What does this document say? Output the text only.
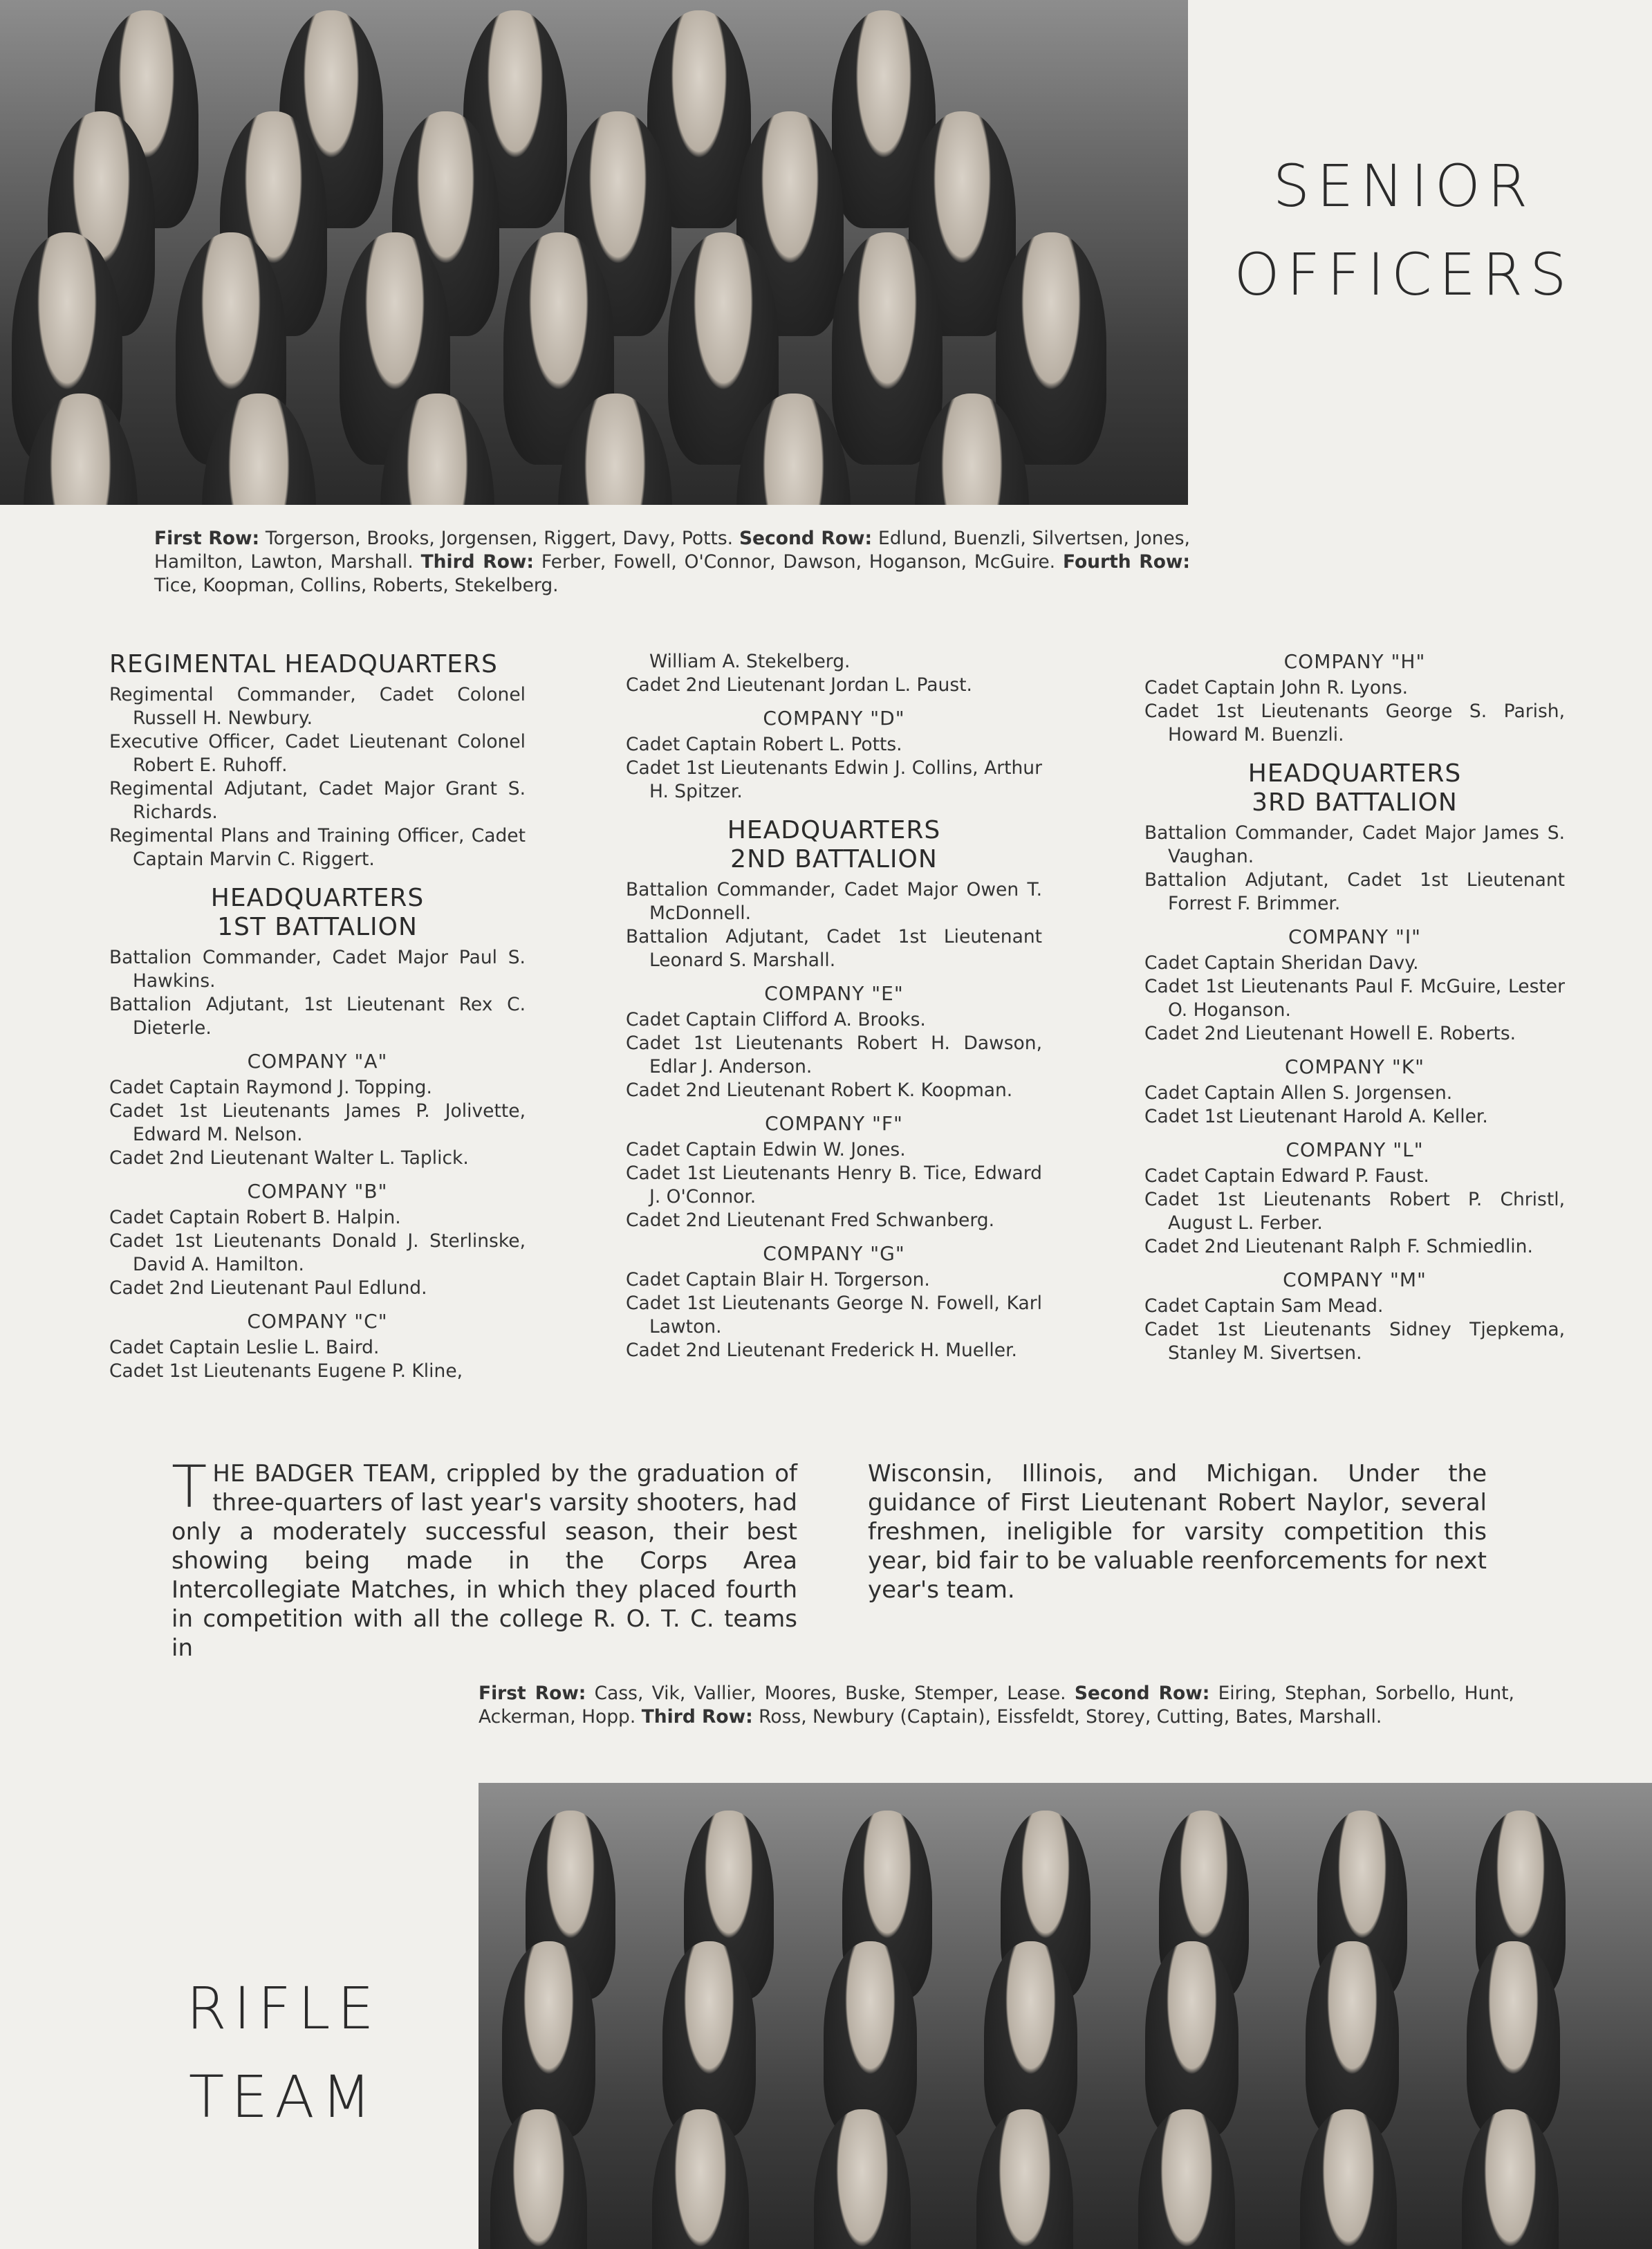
SENIOR
OFFICERS

First Row: Torgerson, Brooks, Jorgensen, Riggert, Davy, Potts. Second Row: Edlund, Buenzli, Silvertsen, Jones, Hamilton, Lawton, Marshall. Third Row: Ferber, Fowell, O'Connor, Dawson, Hoganson, McGuire. Fourth Row: Tice, Koopman, Collins, Roberts, Stekelberg.

REGIMENTAL HEADQUARTERS

Regimental Commander, Cadet Colonel Russell H. Newbury.

Executive Officer, Cadet Lieutenant Colonel Robert E. Ruhoff.

Regimental Adjutant, Cadet Major Grant S. Richards.

Regimental Plans and Training Officer, Cadet Captain Marvin C. Riggert.

HEADQUARTERS
1ST BATTALION

Battalion Commander, Cadet Major Paul S. Hawkins.

Battalion Adjutant, 1st Lieutenant Rex C. Dieterle.

COMPANY "A"

Cadet Captain Raymond J. Topping.

Cadet 1st Lieutenants James P. Jolivette, Edward M. Nelson.

Cadet 2nd Lieutenant Walter L. Taplick.

COMPANY "B"

Cadet Captain Robert B. Halpin.

Cadet 1st Lieutenants Donald J. Sterlinske, David A. Hamilton.

Cadet 2nd Lieutenant Paul Edlund.

COMPANY "C"

Cadet Captain Leslie L. Baird.

Cadet 1st Lieutenants Eugene P. Kline,

William A. Stekelberg.

Cadet 2nd Lieutenant Jordan L. Paust.

COMPANY "D"

Cadet Captain Robert L. Potts.

Cadet 1st Lieutenants Edwin J. Collins, Arthur H. Spitzer.

HEADQUARTERS
2ND BATTALION

Battalion Commander, Cadet Major Owen T. McDonnell.

Battalion Adjutant, Cadet 1st Lieutenant Leonard S. Marshall.

COMPANY "E"

Cadet Captain Clifford A. Brooks.

Cadet 1st Lieutenants Robert H. Dawson, Edlar J. Anderson.

Cadet 2nd Lieutenant Robert K. Koopman.

COMPANY "F"

Cadet Captain Edwin W. Jones.

Cadet 1st Lieutenants Henry B. Tice, Edward J. O'Connor.

Cadet 2nd Lieutenant Fred Schwanberg.

COMPANY "G"

Cadet Captain Blair H. Torgerson.

Cadet 1st Lieutenants George N. Fowell, Karl Lawton.

Cadet 2nd Lieutenant Frederick H. Mueller.

COMPANY "H"

Cadet Captain John R. Lyons.

Cadet 1st Lieutenants George S. Parish, Howard M. Buenzli.

HEADQUARTERS
3RD BATTALION

Battalion Commander, Cadet Major James S. Vaughan.

Battalion Adjutant, Cadet 1st Lieutenant Forrest F. Brimmer.

COMPANY "I"

Cadet Captain Sheridan Davy.

Cadet 1st Lieutenants Paul F. McGuire, Lester O. Hoganson.

Cadet 2nd Lieutenant Howell E. Roberts.

COMPANY "K"

Cadet Captain Allen S. Jorgensen.

Cadet 1st Lieutenant Harold A. Keller.

COMPANY "L"

Cadet Captain Edward P. Faust.

Cadet 1st Lieutenants Robert P. Christl, August L. Ferber.

Cadet 2nd Lieutenant Ralph F. Schmiedlin.

COMPANY "M"

Cadet Captain Sam Mead.

Cadet 1st Lieutenants Sidney Tjepkema, Stanley M. Sivertsen.

THE BADGER TEAM, crippled by the graduation of three-quarters of last year's varsity shooters, had only a moderately successful season, their best showing being made in the Corps Area Intercollegiate Matches, in which they placed fourth in competition with all the college R. O. T. C. teams in

Wisconsin, Illinois, and Michigan. Under the guidance of First Lieutenant Robert Naylor, several freshmen, ineligible for varsity competition this year, bid fair to be valuable reenforcements for next year's team.

First Row: Cass, Vik, Vallier, Moores, Buske, Stemper, Lease. Second Row: Eiring, Stephan, Sorbello, Hunt, Ackerman, Hopp. Third Row: Ross, Newbury (Captain), Eissfeldt, Storey, Cutting, Bates, Marshall.

RIFLE
TEAM
